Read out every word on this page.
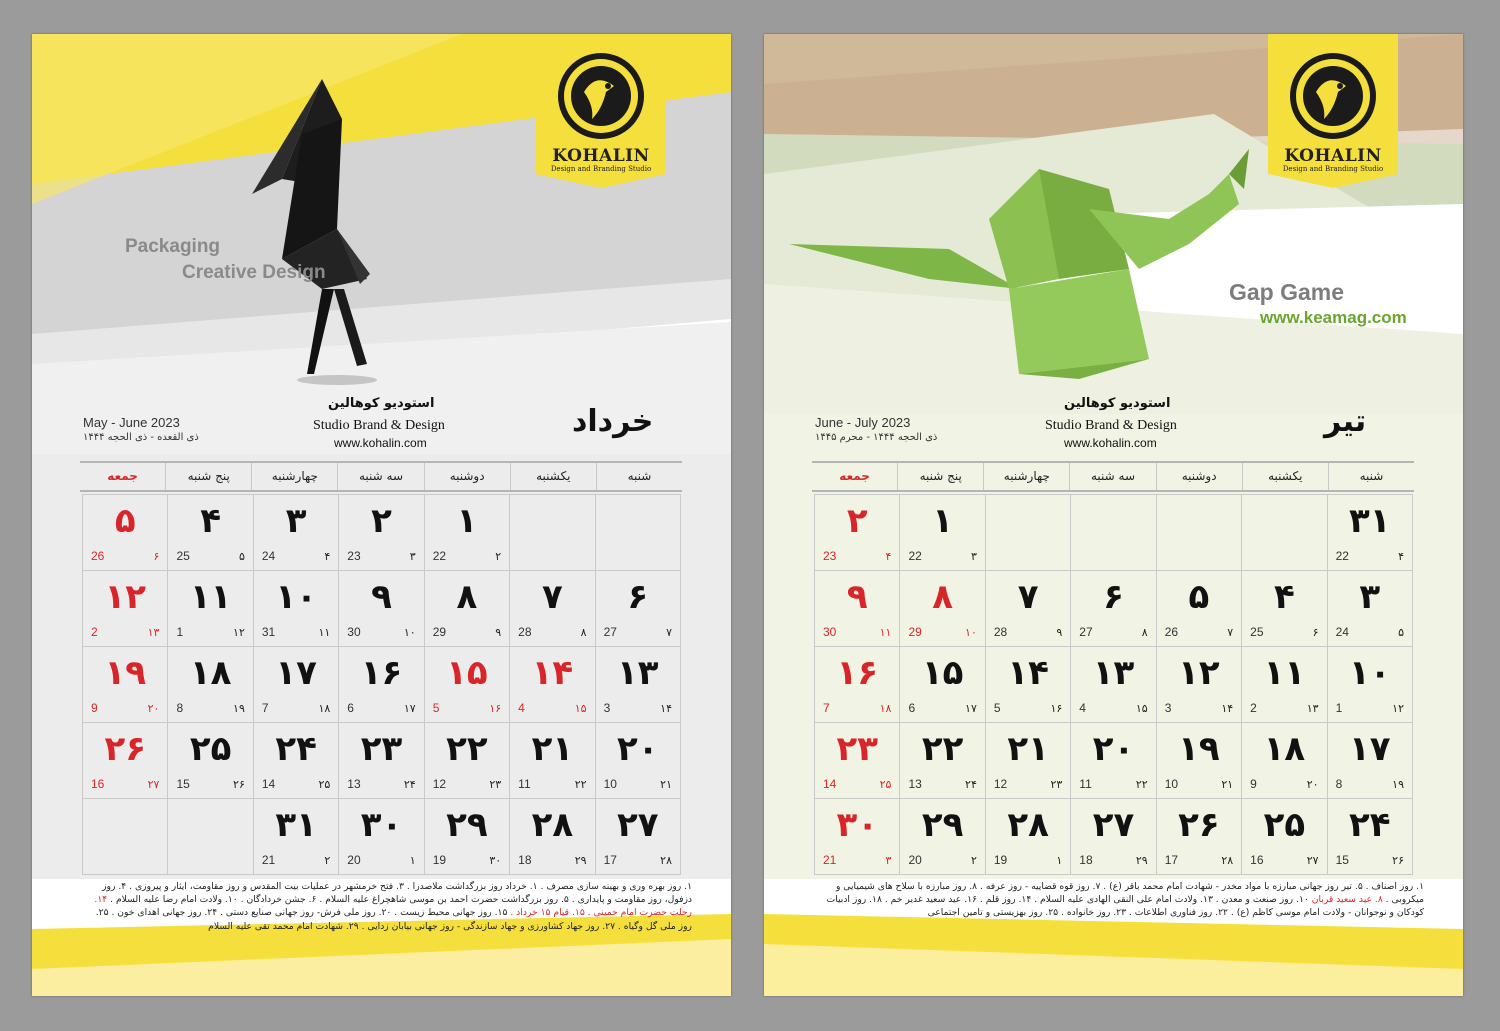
KOHALIN
Design and Branding Studio
Packaging
Creative Design
استودیو کوهالین
Studio Brand & Design
www.kohalin.com
May - June 2023
ذی القعده - ذی الحجه ۱۴۴۴	خرداد
شنبه
یکشنبه
دوشنبه
سه شنبه
چهارشنبه
پنج شنبه
جمعه
۱
۲
22
۲
۳
23
۳
۴
24
۴
۵
25
۵
۶
26
۶
۷
27
۷
۸
28
۸
۹
29
۹
۱۰
30
۱۰
۱۱
31
۱۱
۱۲
1
۱۲
۱۳
2
۱۳
۱۴
3
۱۴
۱۵
4
۱۵
۱۶
5
۱۶
۱۷
6
۱۷
۱۸
7
۱۸
۱۹
8
۱۹
۲۰
9
۲۰
۲۱
10
۲۱
۲۲
11
۲۲
۲۳
12
۲۳
۲۴
13
۲۴
۲۵
14
۲۵
۲۶
15
۲۶
۲۷
16
۲۷
۲۸
17
۲۸
۲۹
18
۲۹
۳۰
19
۳۰
۱
20
۳۱
۲
21
۱. روز بهره وری و بهینه سازی مصرف . ۱. خرداد روز بزرگداشت ملاصدرا . ۳. فتح خرمشهر در عملیات بیت المقدس و روز مقاومت، ایثار و پیروزی . ۴. روز دزفول، روز مقاومت و پایداری . ۵. روز بزرگداشت حضرت احمد بن موسی شاهچراغ علیه السلام . ۶. جشن خردادگان . ۱۰. ولادت امام رضا علیه السلام . ۱۴. رحلت حضرت امام خمینی . ۱۵. قیام ۱۵ خرداد . ۱۵. روز جهانی محیط زیست . ۲۰. روز ملی فرش- روز جهانی صنایع دستی . ۲۴. روز جهانی اهدای خون . ۲۵. روز ملی گل وگیاه . ۲۷. روز جهاد کشاورزی و جهاد سازندگی - روز جهانی بیابان زدایی . ۲۹. شهادت امام محمد تقی علیه السلام
KOHALIN
Design and Branding Studio
Gap Game
www.keamag.com
استودیو کوهالین
Studio Brand & Design
www.kohalin.com
June - July 2023
ذی الحجه ۱۴۴۴ - محرم ۱۴۴۵	تیر
شنبه
یکشنبه
دوشنبه
سه شنبه
چهارشنبه
پنج شنبه
جمعه
۳۱
۴
22
۱
۳
22
۲
۴
23
۳
۵
24
۴
۶
25
۵
۷
26
۶
۸
27
۷
۹
28
۸
۱۰
29
۹
۱۱
30
۱۰
۱۲
1
۱۱
۱۳
2
۱۲
۱۴
3
۱۳
۱۵
4
۱۴
۱۶
5
۱۵
۱۷
6
۱۶
۱۸
7
۱۷
۱۹
8
۱۸
۲۰
9
۱۹
۲۱
10
۲۰
۲۲
11
۲۱
۲۳
12
۲۲
۲۴
13
۲۳
۲۵
14
۲۴
۲۶
15
۲۵
۲۷
16
۲۶
۲۸
17
۲۷
۲۹
18
۲۸
۱
19
۲۹
۲
20
۳۰
۳
21
۱. روز اصناف . ۵. تیر روز جهانی مبارزه با مواد مخدر - شهادت امام محمد باقر (ع) . ۷. روز قوه قضاییه - روز عرفه . ۸. روز مبارزه با سلاح های شیمیایی و میکروبی . ۸. عید سعید قربان ۱۰. روز صنعت و معدن . ۱۳. ولادت امام علی النقی الهادی علیه السلام . ۱۴. روز قلم . ۱۶. عید سعید غدیر خم . ۱۸. روز ادبیات کودکان و نوجوانان - ولادت امام موسی کاظم (ع) . ۲۲. روز فناوری اطلاعات . ۲۳. روز خانواده . ۲۵. روز بهزیستی و تامین اجتماعی
